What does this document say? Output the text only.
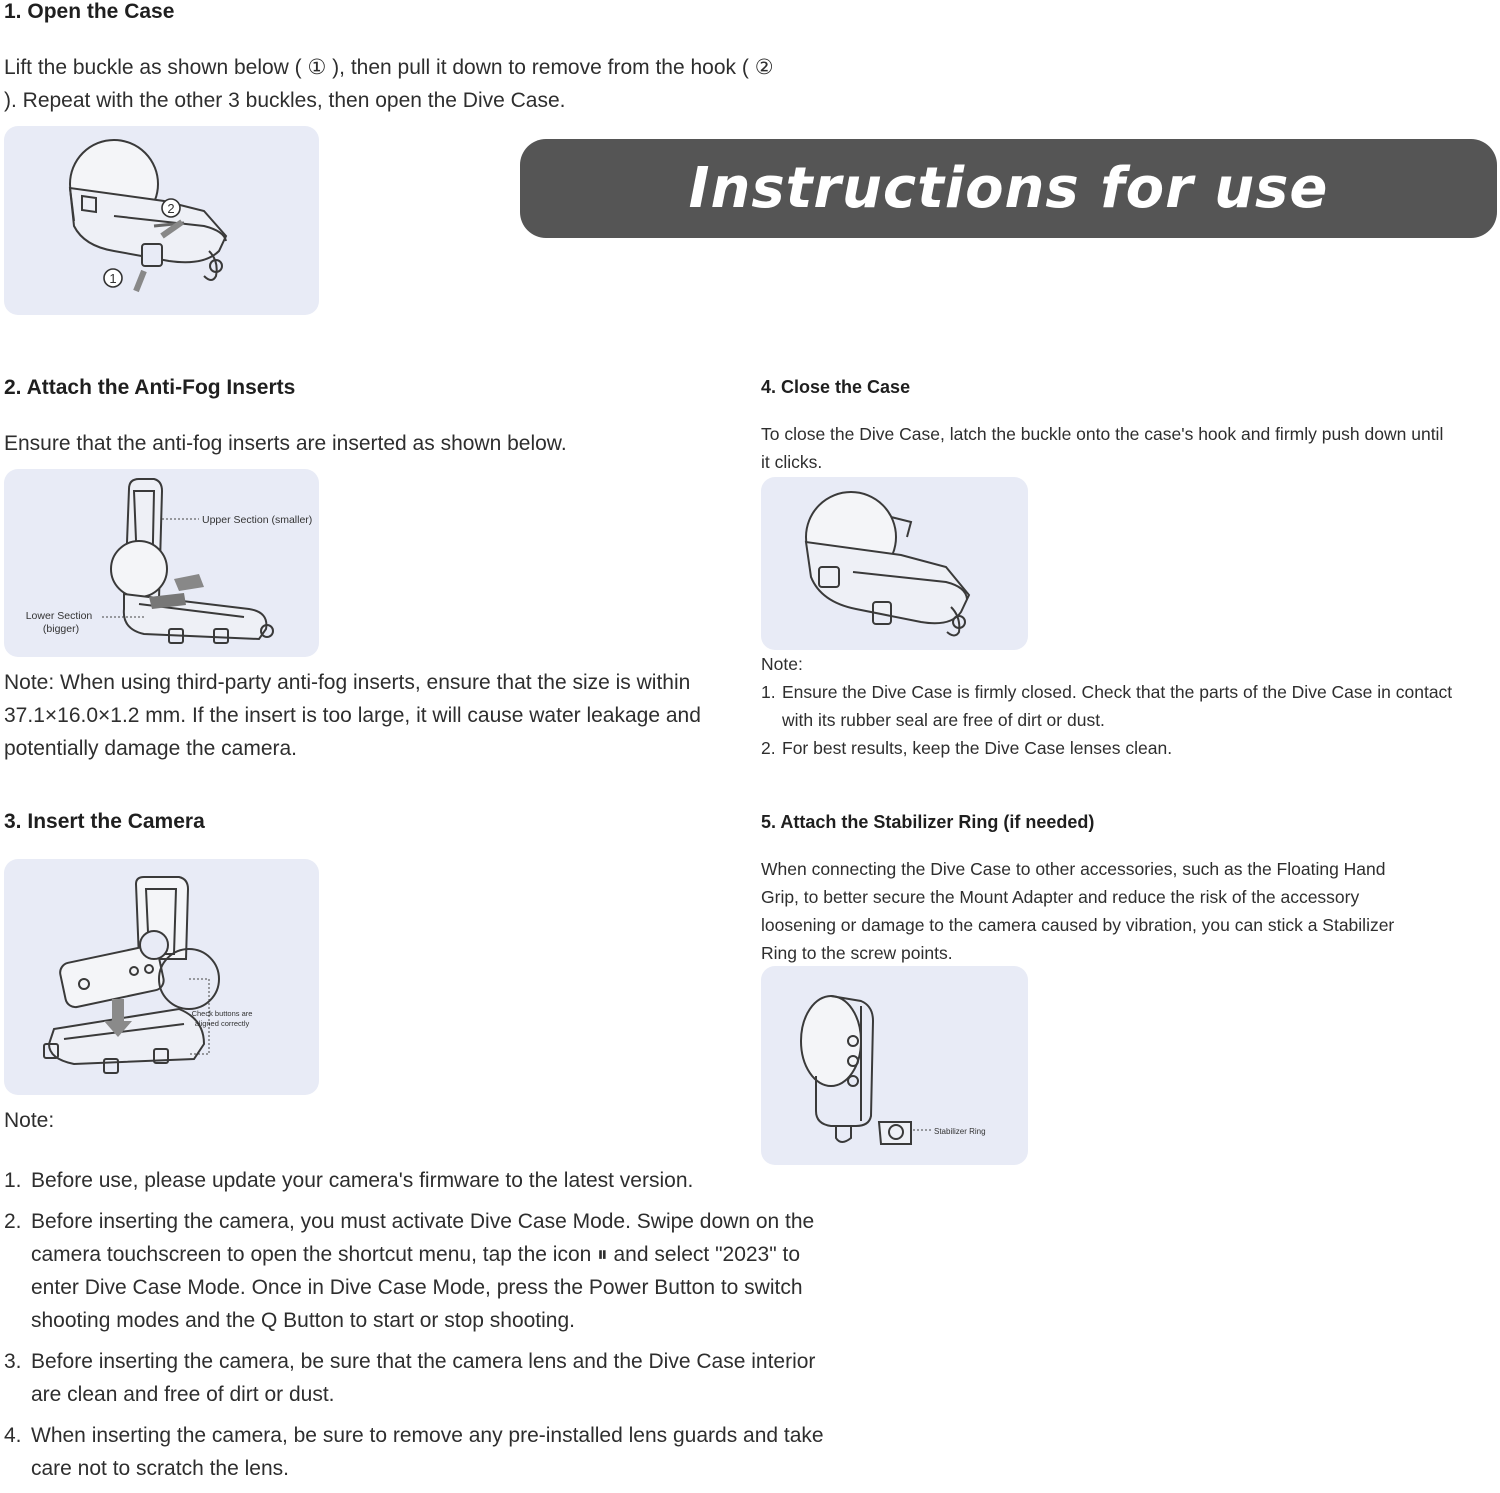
1. Open the Case
Lift the buckle as shown below ( ① ), then pull it down to remove from the hook ( ②
). Repeat with the other 3 buckles, then open the Dive Case.
2
1
Instructions for use
2. Attach the Anti-Fog Inserts
Ensure that the anti-fog inserts are inserted as shown below.
Upper Section (smaller)
Lower Section
(bigger)
Note: When using third-party anti-fog inserts, ensure that the size is within
37.1×16.0×1.2 mm. If the insert is too large, it will cause water leakage and
potentially damage the camera.
3. Insert the Camera
Check buttons are
aligned correctly
Note:
1. Before use, please update your camera's firmware to the latest version.
2. Before inserting the camera, you must activate Dive Case Mode. Swipe down on the
camera touchscreen to open the shortcut menu, tap the icon ⏸ and select "2023" to
enter Dive Case Mode. Once in Dive Case Mode, press the Power Button to switch
shooting modes and the Q Button to start or stop shooting.
3. Before inserting the camera, be sure that the camera lens and the Dive Case interior
are clean and free of dirt or dust.
4. When inserting the camera, be sure to remove any pre-installed lens guards and take
care not to scratch the lens.
4. Close the Case
To close the Dive Case, latch the buckle onto the case's hook and firmly push down until
it clicks.
Note:
1. Ensure the Dive Case is firmly closed. Check that the parts of the Dive Case in contact
with its rubber seal are free of dirt or dust.
2. For best results, keep the Dive Case lenses clean.
5. Attach the Stabilizer Ring (if needed)
When connecting the Dive Case to other accessories, such as the Floating Hand
Grip, to better secure the Mount Adapter and reduce the risk of the accessory
loosening or damage to the camera caused by vibration, you can stick a Stabilizer
Ring to the screw points.
Stabilizer Ring
